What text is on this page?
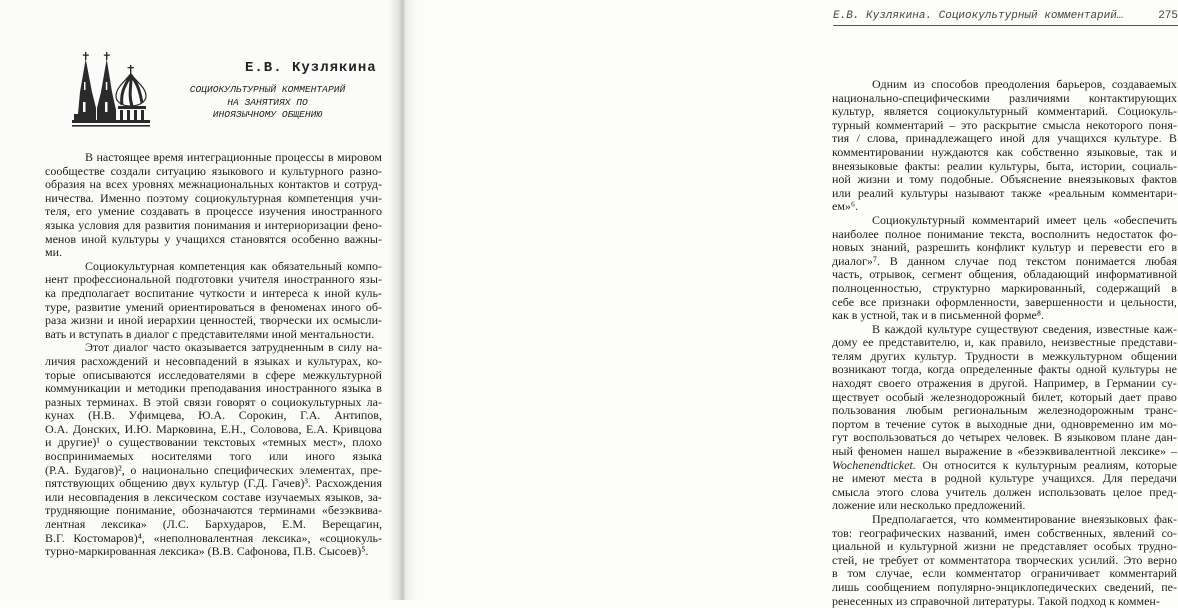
Е.В. Кузлякина
СОЦИОКУЛЬТУРНЫЙ КОММЕНТАРИЙ
НА ЗАНЯТИЯХ ПО
ИНОЯЗЫЧНОМУ ОБЩЕНИЮ
В настоящее время интеграционные процессы в мировом
сообществе создали ситуацию языкового и культурного разно-
образия на всех уровнях межнациональных контактов и сотруд-
ничества. Именно поэтому социокультурная компетенция учи-
теля, его умение создавать в процессе изучения иностранного
языка условия для развития понимания и интериоризации фено-
менов иной культуры у учащихся становятся особенно важны-
ми.
Социокультурная компетенция как обязательный компо-
нент профессиональной подготовки учителя иностранного язы-
ка предполагает воспитание чуткости и интереса к иной куль-
туре, развитие умений ориентироваться в феноменах иного об-
раза жизни и иной иерархии ценностей, творчески их осмысли-
вать и вступать в диалог с представителями иной ментальности.
Этот диалог часто оказывается затрудненным в силу на-
личия расхождений и несовпадений в языках и культурах, ко-
торые описываются исследователями в сфере межкультурной
коммуникации и методики преподавания иностранного языка в
разных терминах. В этой связи говорят о социокультурных ла-
кунах (Н.В. Уфимцева, Ю.А. Сорокин, Г.А. Антипов,
О.А. Донских, И.Ю. Марковина, Е.Н., Соловова, Е.А. Кривцова
и другие)¹ о существовании текстовых «темных мест», плохо
воспринимаемых носителями того или иного языка
(Р.А. Будагов)², о национально специфических элементах, пре-
пятствующих общению двух культур (Г.Д. Гачев)³. Расхождения
или несовпадения в лексическом составе изучаемых языков, за-
трудняющие понимание, обозначаются терминами «безэквива-
лентная лексика» (Л.С. Бархударов, Е.М. Верещагин,
В.Г. Костомаров)⁴, «неполновалентная лексика», «социокуль-
турно-маркированная лексика» (В.В. Сафонова, П.В. Сысоев)⁵.
Е.В. Кузлякина. Социокультурный комментарий…	275
Одним из способов преодоления барьеров, создаваемых
национально-специфическими различиями контактирующих
культур, является социокультурный комментарий. Социокуль-
турный комментарий – это раскрытие смысла некоторого поня-
тия / слова, принадлежащего иной для учащихся культуре. В
комментировании нуждаются как собственно языковые, так и
внеязыковые факты: реалии культуры, быта, истории, социаль-
ной жизни и тому подобные. Объяснение внеязыковых фактов
или реалий культуры называют также «реальным комментари-
ем»⁶.
Социокультурный комментарий имеет цель «обеспечить
наиболее полное понимание текста, восполнить недостаток фо-
новых знаний, разрешить конфликт культур и перевести его в
диалог»⁷. В данном случае под текстом понимается любая
часть, отрывок, сегмент общения, обладающий информативной
полноценностью, структурно маркированный, содержащий в
себе все признаки оформленности, завершенности и цельности,
как в устной, так и в письменной форме⁸.
В каждой культуре существуют сведения, известные каж-
дому ее представителю, и, как правило, неизвестные представи-
телям других культур. Трудности в межкультурном общении
возникают тогда, когда определенные факты одной культуры не
находят своего отражения в другой. Например, в Германии су-
ществует особый железнодорожный билет, который дает право
пользования любым региональным железнодорожным транс-
портом в течение суток в выходные дни, одновременно им мо-
гут воспользоваться до четырех человек. В языковом плане дан-
ный феномен нашел выражение в «безэквивалентной лексике» –
Wochenendticket. Он относится к культурным реалиям, которые
не имеют места в родной культуре учащихся. Для передачи
смысла этого слова учитель должен использовать целое пред-
ложение или несколько предложений.
Предполагается, что комментирование внеязыковых фак-
тов: географических названий, имен собственных, явлений со-
циальной и культурной жизни не представляет особых трудно-
стей, не требует от комментатора творческих усилий. Это верно
в том случае, если комментатор ограничивает комментарий
лишь сообщением популярно-энциклопедических сведений, пе-
ренесенных из справочной литературы. Такой подход к коммен-
